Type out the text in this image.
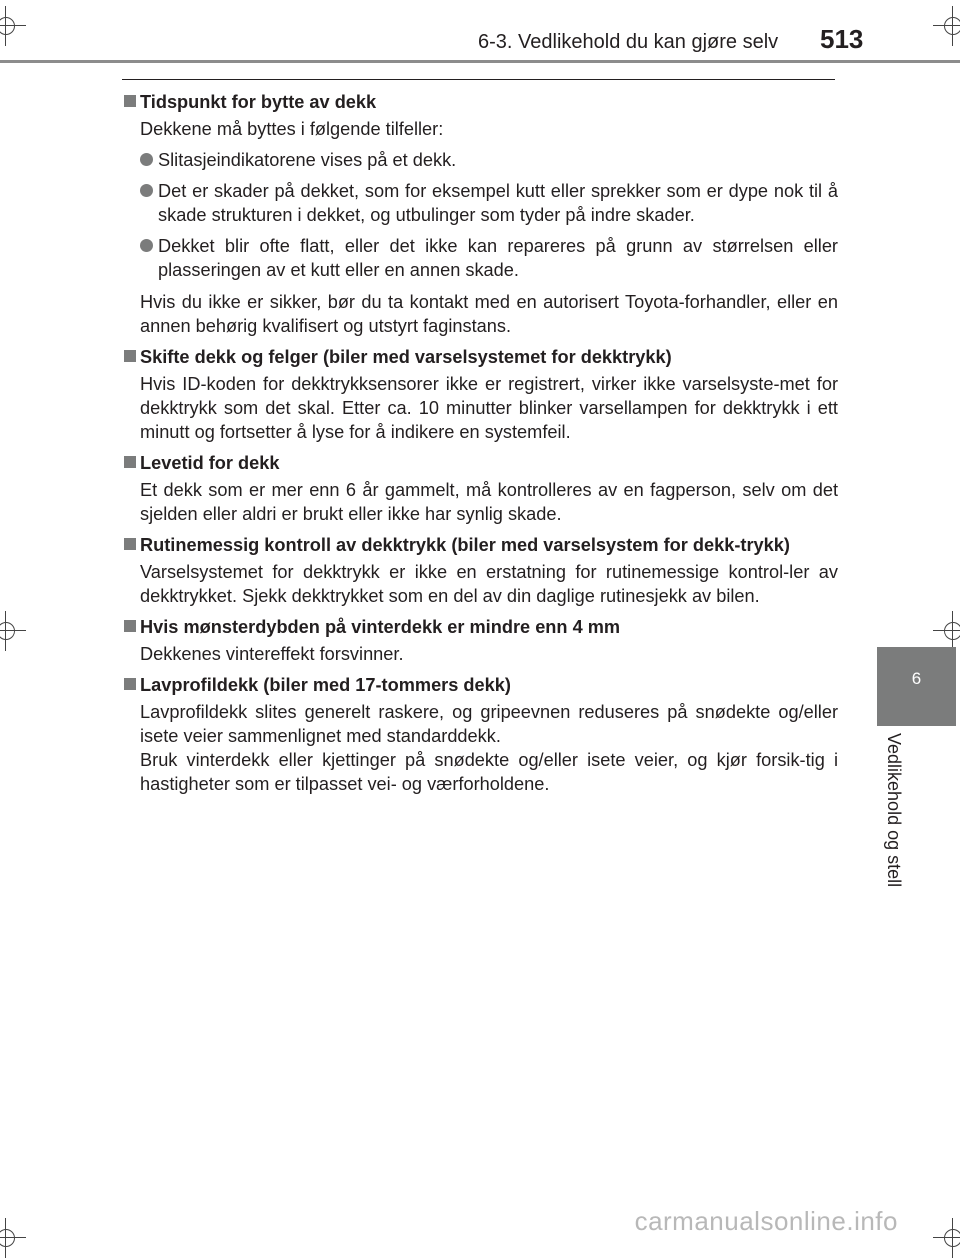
6-3. Vedlikehold du kan gjøre selv 513
6
Vedlikehold og stell
Tidspunkt for bytte av dekk
Dekkene må byttes i følgende tilfeller:
Slitasjeindikatorene vises på et dekk.
Det er skader på dekket, som for eksempel kutt eller sprekker som er dype nok til å skade strukturen i dekket, og utbulinger som tyder på indre skader.
Dekket blir ofte flatt, eller det ikke kan repareres på grunn av størrelsen eller plasseringen av et kutt eller en annen skade.
Hvis du ikke er sikker, bør du ta kontakt med en autorisert Toyota-forhandler, eller en annen behørig kvalifisert og utstyrt faginstans.
Skifte dekk og felger (biler med varselsystemet for dekktrykk)
Hvis ID-koden for dekktrykksensorer ikke er registrert, virker ikke varselsyste-met for dekktrykk som det skal. Etter ca. 10 minutter blinker varsellampen for dekktrykk i ett minutt og fortsetter å lyse for å indikere en systemfeil.
Levetid for dekk
Et dekk som er mer enn 6 år gammelt, må kontrolleres av en fagperson, selv om det sjelden eller aldri er brukt eller ikke har synlig skade.
Rutinemessig kontroll av dekktrykk (biler med varselsystem for dekk-trykk)
Varselsystemet for dekktrykk er ikke en erstatning for rutinemessige kontrol-ler av dekktrykket. Sjekk dekktrykket som en del av din daglige rutinesjekk av bilen.
Hvis mønsterdybden på vinterdekk er mindre enn 4 mm
Dekkenes vintereffekt forsvinner.
Lavprofildekk (biler med 17-tommers dekk)
Lavprofildekk slites generelt raskere, og gripeevnen reduseres på snødekte og/eller isete veier sammenlignet med standarddekk.
Bruk vinterdekk eller kjettinger på snødekte og/eller isete veier, og kjør forsik-tig i hastigheter som er tilpasset vei- og værforholdene.
carmanualsonline.info
